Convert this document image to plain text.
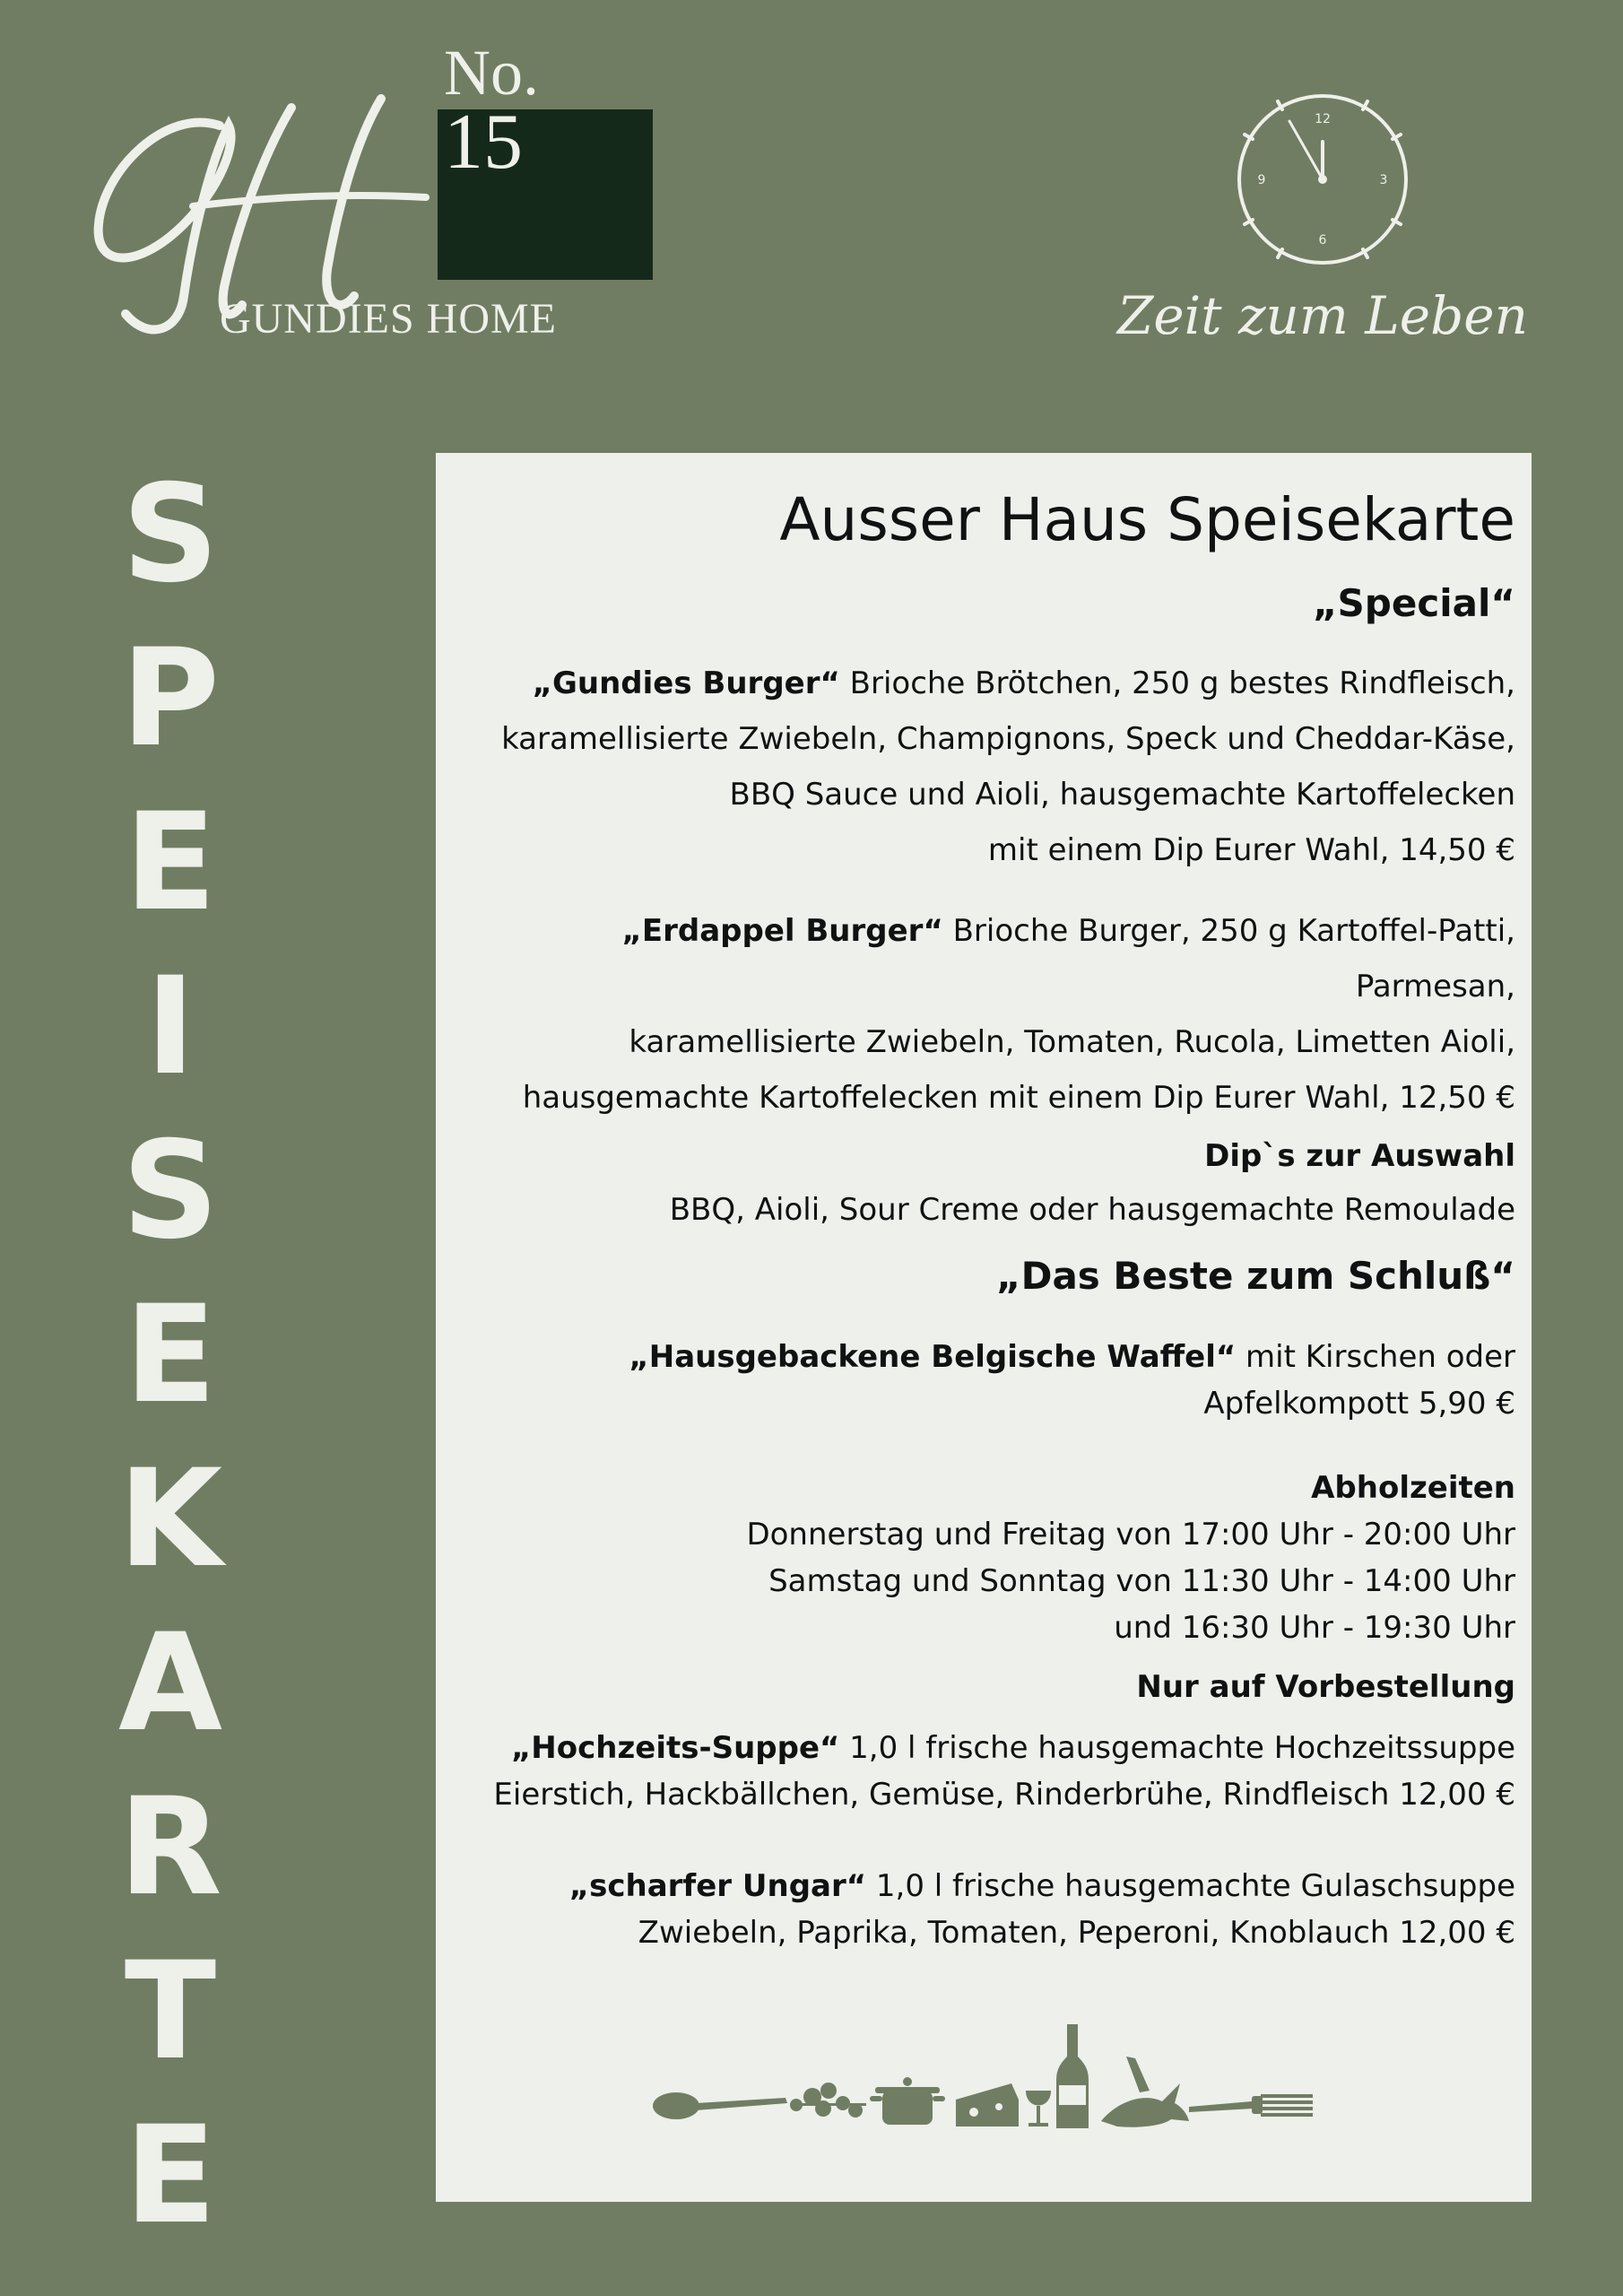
No.
15
GUNDIES HOME
12
3
6
9
Zeit zum Leben
S
P
E
I
S
E
K
A
R
T
E
Ausser Haus Speisekarte
„Special“
„Gundies Burger“ Brioche Brötchen, 250 g bestes Rindfleisch,
karamellisierte Zwiebeln, Champignons, Speck und Cheddar-Käse,
BBQ Sauce und Aioli, hausgemachte Kartoffelecken
mit einem Dip Eurer Wahl, 14,50 €
„Erdappel Burger“ Brioche Burger, 250 g Kartoffel-Patti, Parmesan,
karamellisierte Zwiebeln, Tomaten, Rucola, Limetten Aioli,
hausgemachte Kartoffelecken mit einem Dip Eurer Wahl, 12,50 €
Dip`s zur Auswahl
BBQ, Aioli, Sour Creme oder hausgemachte Remoulade
„Das Beste zum Schluß“
„Hausgebackene Belgische Waffel“ mit Kirschen oder
Apfelkompott 5,90 €
Abholzeiten
Donnerstag und Freitag von 17:00 Uhr - 20:00 Uhr
Samstag und Sonntag von 11:30 Uhr - 14:00 Uhr
und 16:30 Uhr - 19:30 Uhr
Nur auf Vorbestellung
„Hochzeits-Suppe“ 1,0 l frische hausgemachte Hochzeitssuppe
Eierstich, Hackbällchen, Gemüse, Rinderbrühe, Rindfleisch 12,00 €
„scharfer Ungar“ 1,0 l frische hausgemachte Gulaschsuppe
Zwiebeln, Paprika, Tomaten, Peperoni, Knoblauch 12,00 €
